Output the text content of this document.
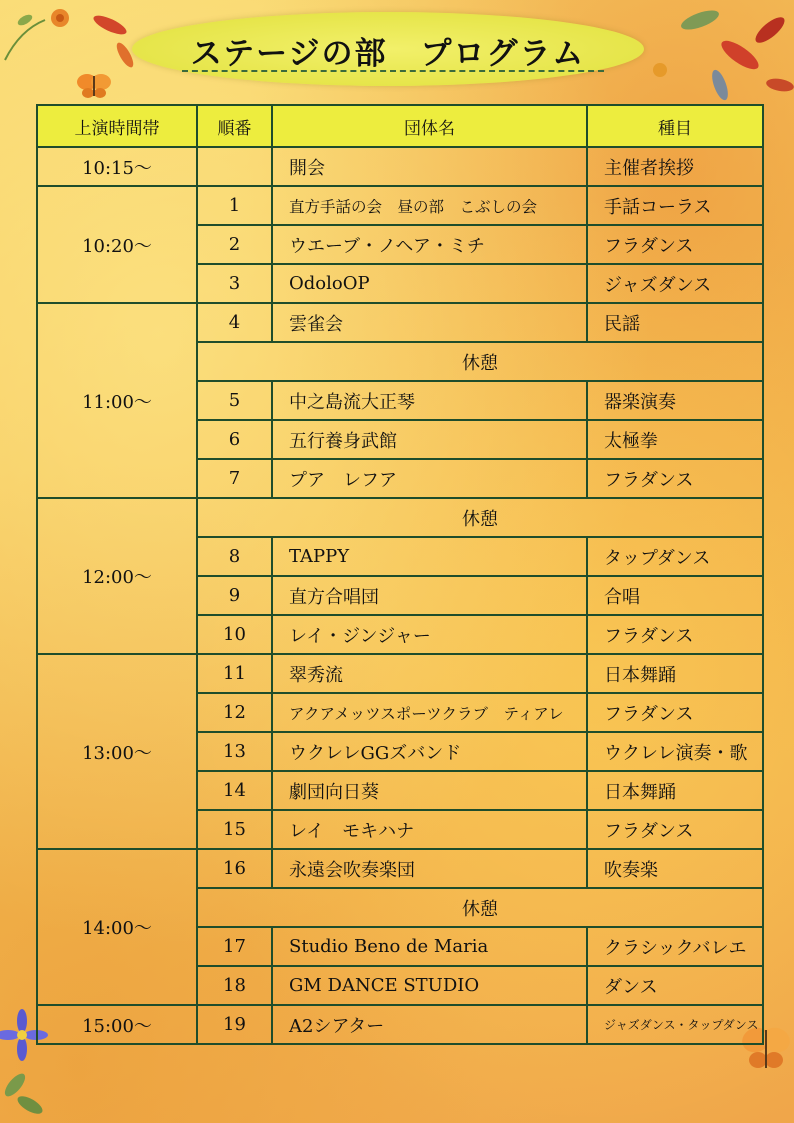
ステージの部　プログラム
上演時間帯	順番	団体名	種目
10:15～		開会	主催者挨拶
10:20～	1	直方手話の会　昼の部　こぶしの会	手話コーラス
	2	ウエーブ・ノヘア・ミチ	フラダンス
	3	OdoloOP	ジャズダンス
11:00～	4	雲雀会	民謡
	休憩		
	5	中之島流大正琴	器楽演奏
	6	五行養身武館	太極拳
	7	プア　レフア	フラダンス
12:00～	休憩		
	8	TAPPY	タップダンス
	9	直方合唱団	合唱
	10	レイ・ジンジャー	フラダンス
13:00～	11	翠秀流	日本舞踊
	12	アクアメッツスポーツクラブ　ティアレ	フラダンス
	13	ウクレレGGズバンド	ウクレレ演奏・歌
	14	劇団向日葵	日本舞踊
	15	レイ　モキハナ	フラダンス
14:00～	16	永遠会吹奏楽団	吹奏楽
	休憩		
	17	Studio Beno de Maria	クラシックバレエ
	18	GM DANCE STUDIO	ダンス
15:00～	19	A2シアター	ジャズダンス・タップダンス
